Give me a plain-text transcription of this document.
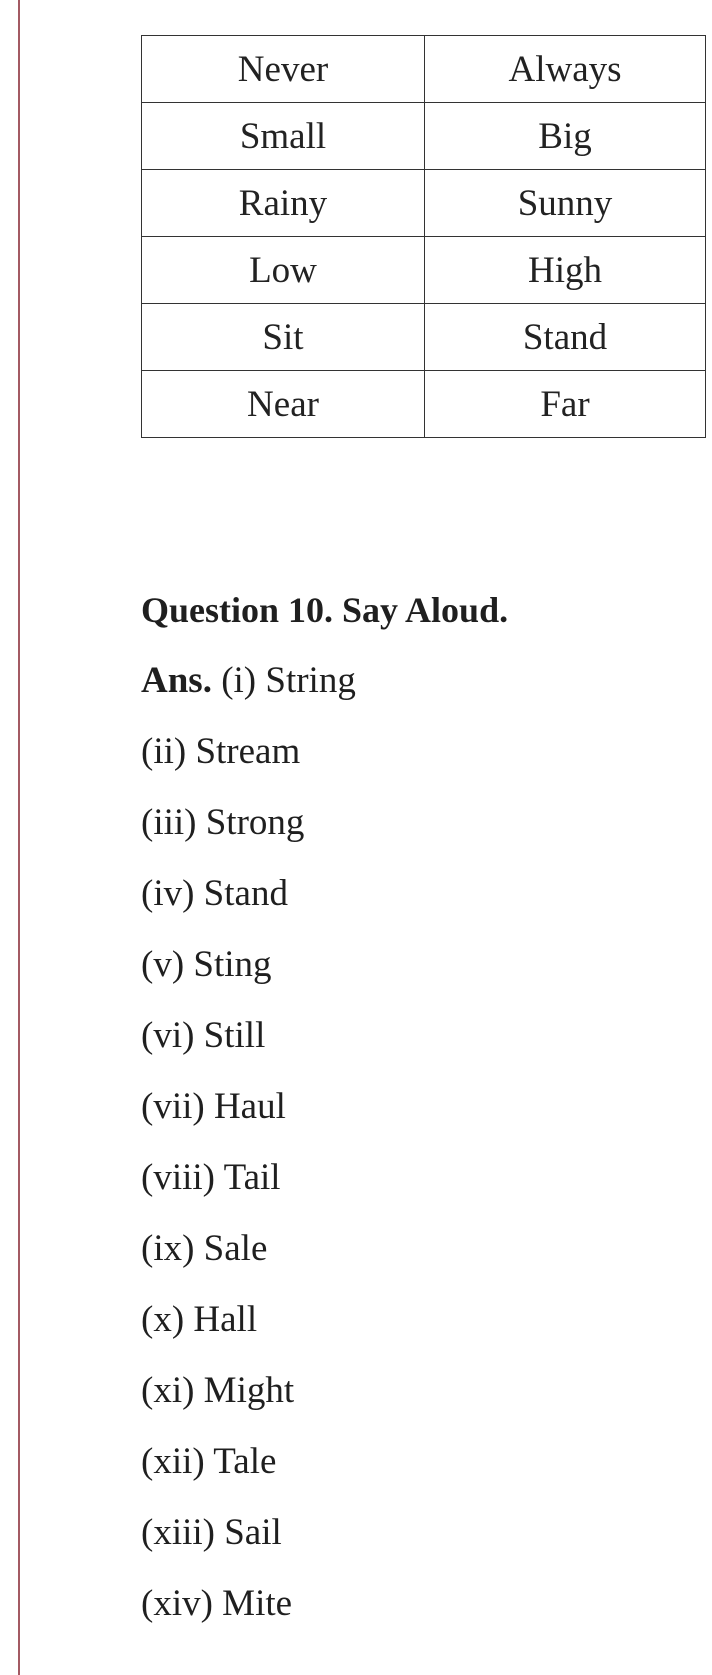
Never	Always
Small	Big
Rainy	Sunny
Low	High
Sit	Stand
Near	Far
Question 10. Say Aloud.
Ans. (i) String
(ii) Stream
(iii) Strong
(iv) Stand
(v) Sting
(vi) Still
(vii) Haul
(viii) Tail
(ix) Sale
(x) Hall
(xi) Might
(xii) Tale
(xiii) Sail
(xiv) Mite
